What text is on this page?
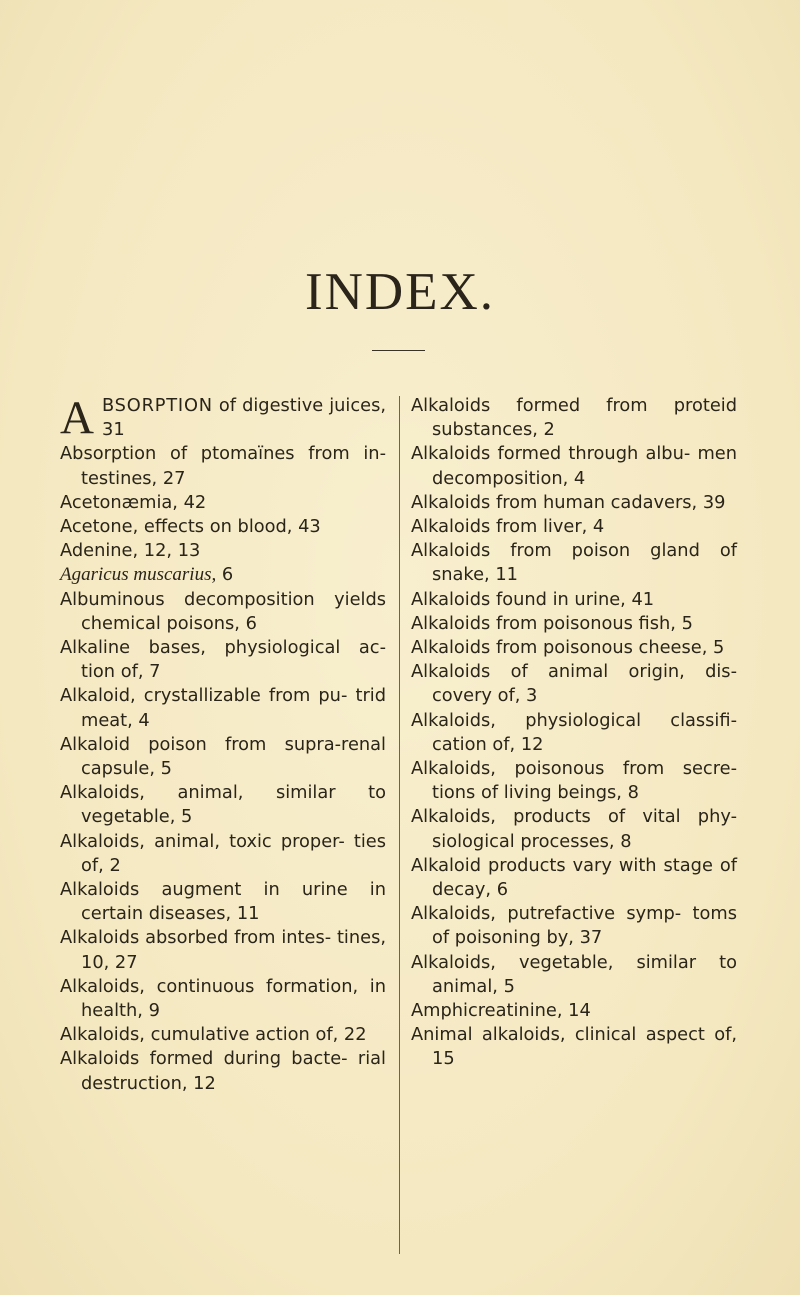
INDEX.

A BSORPTION of digestive juices, 31

Absorption of ptomaïnes from in- testines, 27

Acetonæmia, 42

Acetone, effects on blood, 43

Adenine, 12, 13

Agaricus muscarius, 6

Albuminous decomposition yields chemical poisons, 6

Alkaline bases, physiological ac- tion of, 7

Alkaloid, crystallizable from pu- trid meat, 4

Alkaloid poison from supra-renal capsule, 5

Alkaloids, animal, similar to vegetable, 5

Alkaloids, animal, toxic proper- ties of, 2

Alkaloids augment in urine in certain diseases, 11

Alkaloids absorbed from intes- tines, 10, 27

Alkaloids, continuous formation, in health, 9

Alkaloids, cumulative action of, 22

Alkaloids formed during bacte- rial destruction, 12

Alkaloids formed from proteid substances, 2

Alkaloids formed through albu- men decomposition, 4

Alkaloids from human cadavers, 39

Alkaloids from liver, 4

Alkaloids from poison gland of snake, 11

Alkaloids found in urine, 41

Alkaloids from poisonous fish, 5

Alkaloids from poisonous cheese, 5

Alkaloids of animal origin, dis- covery of, 3

Alkaloids, physiological classifi- cation of, 12

Alkaloids, poisonous from secre- tions of living beings, 8

Alkaloids, products of vital phy- siological processes, 8

Alkaloid products vary with stage of decay, 6

Alkaloids, putrefactive symp- toms of poisoning by, 37

Alkaloids, vegetable, similar to animal, 5

Amphicreatinine, 14

Animal alkaloids, clinical aspect of, 15
